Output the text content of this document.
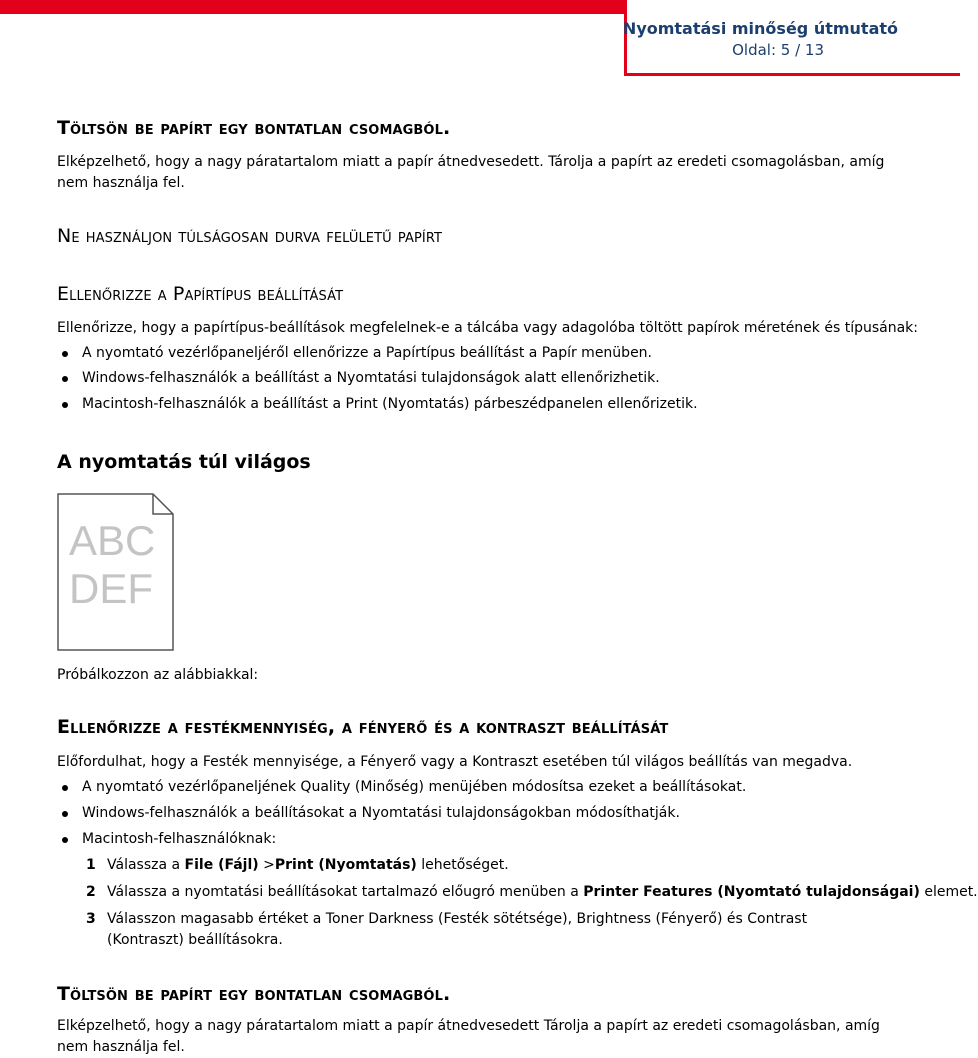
Nyomtatási minőség útmutató
Oldal: 5 / 13
Töltsön be papírt egy bontatlan csomagból.
Elképzelhető, hogy a nagy páratartalom miatt a papír átnedvesedett. Tárolja a papírt az eredeti csomagolásban, amíg nem használja fel.
Ne használjon túlságosan durva felületű papírt
Ellenőrizze a Papírtípus beállítását
Ellenőrizze, hogy a papírtípus-beállítások megfelelnek-e a tálcába vagy adagolóba töltött papírok méretének és típusának:
A nyomtató vezérlőpaneljéről ellenőrizze a Papírtípus beállítást a Papír menüben.
Windows-felhasználók a beállítást a Nyomtatási tulajdonságok alatt ellenőrizhetik.
Macintosh-felhasználók a beállítást a Print (Nyomtatás) párbeszédpanelen ellenőrizetik.
A nyomtatás túl világos
ABC
DEF
Próbálkozzon az alábbiakkal:
Ellenőrizze a festékmennyiség, a fényerő és a kontraszt beállítását
Előfordulhat, hogy a Festék mennyisége, a Fényerő vagy a Kontraszt esetében túl világos beállítás van megadva.
A nyomtató vezérlőpaneljének Quality (Minőség) menüjében módosítsa ezeket a beállításokat.
Windows-felhasználók a beállításokat a Nyomtatási tulajdonságokban módosíthatják.
Macintosh-felhasználóknak:
1 Válassza a File (Fájl) >Print (Nyomtatás) lehetőséget.
2 Válassza a nyomtatási beállításokat tartalmazó előugró menüben a Printer Features (Nyomtató tulajdonságai) elemet.
3 Válasszon magasabb értéket a Toner Darkness (Festék sötétsége), Brightness (Fényerő) és Contrast (Kontraszt) beállításokra.
Töltsön be papírt egy bontatlan csomagból.
Elképzelhető, hogy a nagy páratartalom miatt a papír átnedvesedett Tárolja a papírt az eredeti csomagolásban, amíg nem használja fel.
